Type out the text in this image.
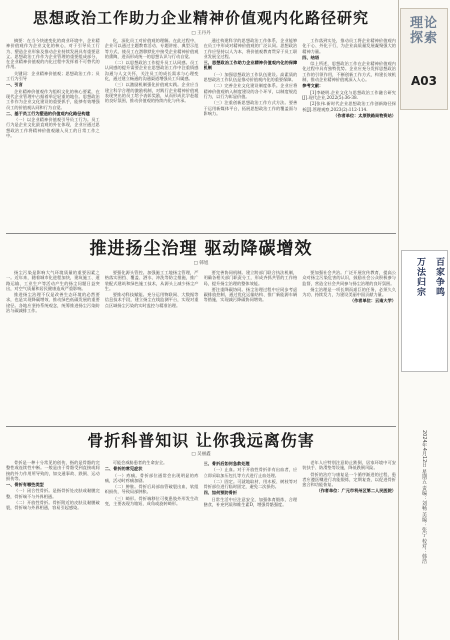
思想政治工作助力企业精神价值观内化路径研究
□ 王丹丹

摘要：在当今快速变化的商业环境中，企业精神价值观作为企业文化的核心，对于引导员工行为、塑造企业形象及推动企业持续发展具有重要意义。思想政治工作作为企业管理的重要组成部分，在企业精神价值观的内化过程中发挥着不可替代的作用。

关键词：企业精神价值观；思想政治工作；员工行为引导

一、引言

企业精神价值观作为组织文化的核心要素，在现代企业管理中占据着举足轻重的地位。思想政治工作作为企业文化建设的重要抓手，能够有效增强员工的价值观认同和行为自觉。

二、基于员工行为塑造的价值观内化路径构建

（一）以企业精神价值观引导员工行为。员工行为是企业文化最直观的外在体现，企业应通过思想政治工作将精神价值观融入员工的日常工作之中。

化，深化员工对价值观的理解。在此过程中，企业可以通过主题教育活动、专题讲座、典型示范等方式，使员工在潜移默化中接受企业精神价值观的熏陶，进而形成统一的思想认识与行动自觉。

（二）以思想政治工作提升员工认同感。员工认同感的提升需要企业在思想政治工作中注重情感沟通与人文关怀，关注员工的成长需求与心理变化，通过建立畅通的沟通渠道增强员工归属感。

（三）以激励机制强化价值观实践。企业应当建立科学合理的激励机制，对践行企业精神价值观表现突出的员工给予表彰奖励，从而形成比学赶超的良好氛围，推动价值观的持续内化与传承。

通过构建科学的思想政治工作体系，企业能够在员工中形成对精神价值观的广泛认同。思想政治工作应坚持以人为本，将价值观教育贯穿于员工职业发展全过程。

三、思想政治工作助力企业精神价值观内化的保障机制

（一）加强思想政治工作队伍建设。高素质的思想政治工作队伍是推动价值观内化的重要保障。

（二）完善企业文化建设制度体系。企业应将精神价值观纳入制度建设的各个环节，以制度规范行为，以行为彰显价值。

（三）注重创新思想政治工作方式方法。要善于运用新媒体平台，拓展思想政治工作的覆盖面与影响力。

工作落到实处，推动员工将企业精神价值观内化于心、外化于行，为企业高质量发展凝聚强大的精神力量。

四、结语

综上所述，思想政治工作在企业精神价值观内化过程中具有独特优势。企业应充分发挥思想政治工作的引领作用，不断创新工作方式，构建长效机制，推动企业精神价值观深入人心。

参考文献：

[1]李晓明.企业文化与思想政治工作融合研究[J].现代企业,2022(5):36-38.

[2]张伟.新时代企业思想政治工作创新路径探析[J].管理观察,2023(2):112-114.

（作者单位：太原铁路局物资站）

推进扬尘治理 驱动降碳增效
□ 韩旭

扬尘污染是影响大气环境质量的重要因素之一。近年来，随着城市化进程加快，建筑施工、道路运输、工业生产等活动产生的扬尘问题日益突出，对空气质量和居民健康造成严重影响。

推进扬尘治理不仅是改善生态环境的必然要求，也是实现降碳增效、推动绿色低碳发展的重要途径。各地应坚持系统观念，统筹推进扬尘污染防治与碳减排工作。

要强化源头管控。加强施工工地扬尘管理，严格落实围挡、覆盖、洒水、冲洗等防尘措施，推广装配式建筑和绿色施工技术，从源头上减少扬尘产生。

要推动科技赋能。充分运用物联网、大数据等信息技术手段，建立扬尘在线监测平台，实现对重点区域扬尘污染的实时监控与精准治理。

要完善协同机制。建立跨部门联合执法机制，明确各相关部门职责分工，形成齐抓共管的工作格局，提升扬尘治理的整体效能。

要注重降碳协同。扬尘治理过程中应同步考虑碳排放控制，通过优化运输结构、推广新能源车辆等措施，实现减污降碳协同增效。

要加强社会共治。广泛开展宣传教育，提高公众对扬尘污染危害的认识，鼓励社会公众积极参与监督，营造全社会共同参与扬尘治理的良好氛围。

扬尘治理是一项长期而艰巨的任务，必须久久为功、持续发力，为建设美丽中国贡献力量。

（作者单位：云南大学）

骨折科普知识 让你我远离伤害
□ 吴丽鑫

骨折是一种十分常见的创伤，指的是骨骼的完整性或连续性中断。一般是由于骨骼受到直接或间接的外力作用所导致的，如交通事故、跌倒、运动损伤等。

一、骨折有哪些类型

（一）闭合性骨折。是指骨折处皮肤或黏膜完整，骨折端不与外界相通。

（二）开放性骨折。骨折附近的皮肤及黏膜破裂，骨折端与外界相通，容易引起感染。

可能会威胁患者的生命安全。

二、骨折的常见症状

（一）疼痛。骨折部位通常会出现明显的疼痛，活动时疼痛加剧。

（二）肿胀。骨折后局部血管破裂出血，软组织损伤，导致局部肿胀。

（三）畸形。骨折端移位可使患肢外形发生改变，主要表现为缩短、成角或旋转畸形。

三、骨折后如何急救处理

（一）止血。对于开放性骨折伴有出血者，应立即采取加压包扎等方式进行止血处理。

（二）固定。可就地取材，用木板、树枝等对骨折部位进行临时固定，避免二次损伤。

四、如何预防骨折

日常生活中应注意安全，加强体育锻炼，合理膳食，补充钙质和维生素D，增强骨骼强度。

老年人应特别注意防止跌倒，居家环境中可安装扶手、防滑垫等设施，降低跌倒风险。

骨折的治疗与康复是一个循序渐进的过程，患者应遵医嘱进行功能锻炼，定期复查，以促进骨折愈合和功能恢复。

（作者单位：广元市利州区第二人民医院）

理论探索
A03
万法归宗	百家争鸣
2024年4月12日 星期五 责编：刘畅 美编：张宁 校对：韩浩
